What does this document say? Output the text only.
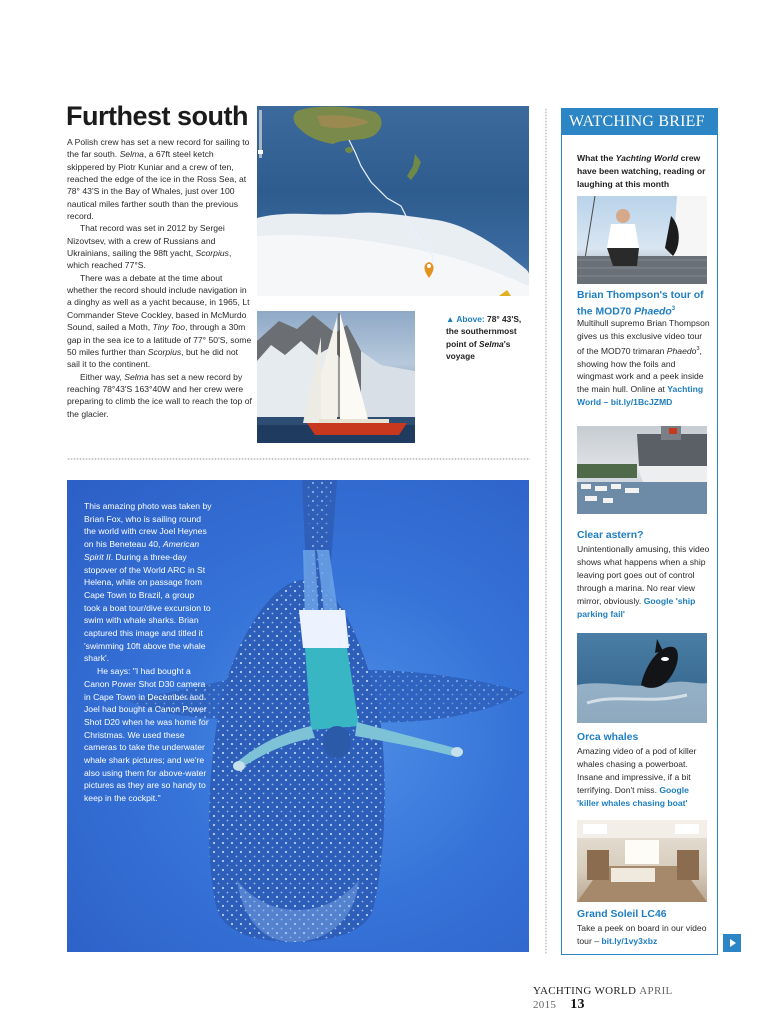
Furthest south

A Polish crew has set a new record for sailing to the far south. Selma, a 67ft steel ketch skippered by Piotr Kuniar and a crew of ten, reached the edge of the ice in the Ross Sea, at 78° 43'S in the Bay of Whales, just over 100 nautical miles farther south than the previous record.

That record was set in 2012 by Sergei Nizovtsev, with a crew of Russians and Ukrainians, sailing the 98ft yacht, Scorpius, which reached 77°S.

There was a debate at the time about whether the record should include navigation in a dinghy as well as a yacht because, in 1965, Lt Commander Steve Cockley, based in McMurdo Sound, sailed a Moth, Tiny Too, through a 30m gap in the sea ice to a latitude of 77° 50'S, some 50 miles further than Scorpius, but he did not sail it to the continent.

Either way, Selma has set a new record by reaching 78°43'S 163°40W and her crew were preparing to climb the ice wall to reach the top of the glacier.

▲ Above: 78° 43'S, the southernmost point of Selma's voyage

This amazing photo was taken by Brian Fox, who is sailing round the world with crew Joel Heynes on his Beneteau 40, American Spirit II. During a three-day stopover of the World ARC in St Helena, while on passage from Cape Town to Brazil, a group took a boat tour/dive excursion to swim with whale sharks. Brian captured this image and titled it 'swimming 10ft above the whale shark'.

He says: "I had bought a Canon Power Shot D30 camera in Cape Town in December and Joel had bought a Canon Power Shot D20 when he was home for Christmas. We used these cameras to take the underwater whale shark pictures; and we're also using them for above-water pictures as they are so handy to keep in the cockpit."

WATCHING BRIEF
What the Yachting World crew have been watching, reading or laughing at this month
Brian Thompson's tour of the MOD70 Phaedo$^3$
Multihull supremo Brian Thompson gives us this exclusive video tour of the MOD70 trimaran Phaedo$^3$, showing how the foils and wingmast work and a peek inside the main hull. Online at Yachting World – bit.ly/1BcJZMD
Clear astern?
Unintentionally amusing, this video shows what happens when a ship leaving port goes out of control through a marina. No rear view mirror, obviously. Google 'ship parking fail'
Orca whales
Amazing video of a pod of killer whales chasing a powerboat. Insane and impressive, if a bit terrifying. Don't miss. Google 'killer whales chasing boat'
Grand Soleil LC46
Take a peek on board in our video tour – bit.ly/1vy3xbz
YACHTING WORLD APRIL 2015 13
